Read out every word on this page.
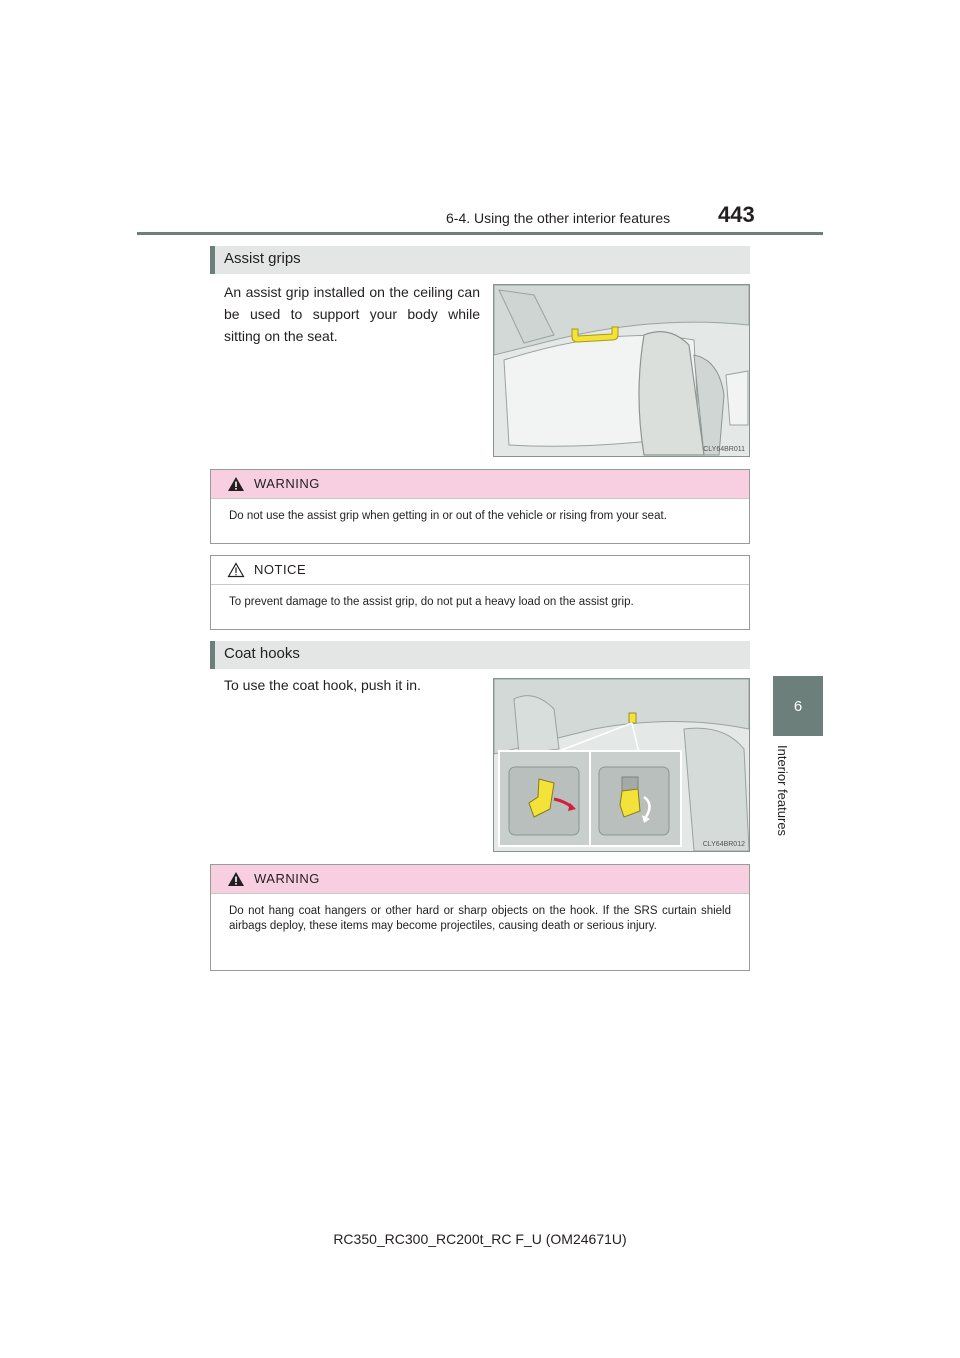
6-4. Using the other interior features 443
6
Interior features
Assist grips
An assist grip installed on the ceiling can be used to support your body while sitting on the seat.
CLY64BR011
WARNING
Do not use the assist grip when getting in or out of the vehicle or rising from your seat.
NOTICE
To prevent damage to the assist grip, do not put a heavy load on the assist grip.
Coat hooks
To use the coat hook, push it in.
CLY64BR012
WARNING
Do not hang coat hangers or other hard or sharp objects on the hook. If the SRS curtain shield airbags deploy, these items may become projectiles, causing death or serious injury.
RC350_RC300_RC200t_RC F_U (OM24671U)
